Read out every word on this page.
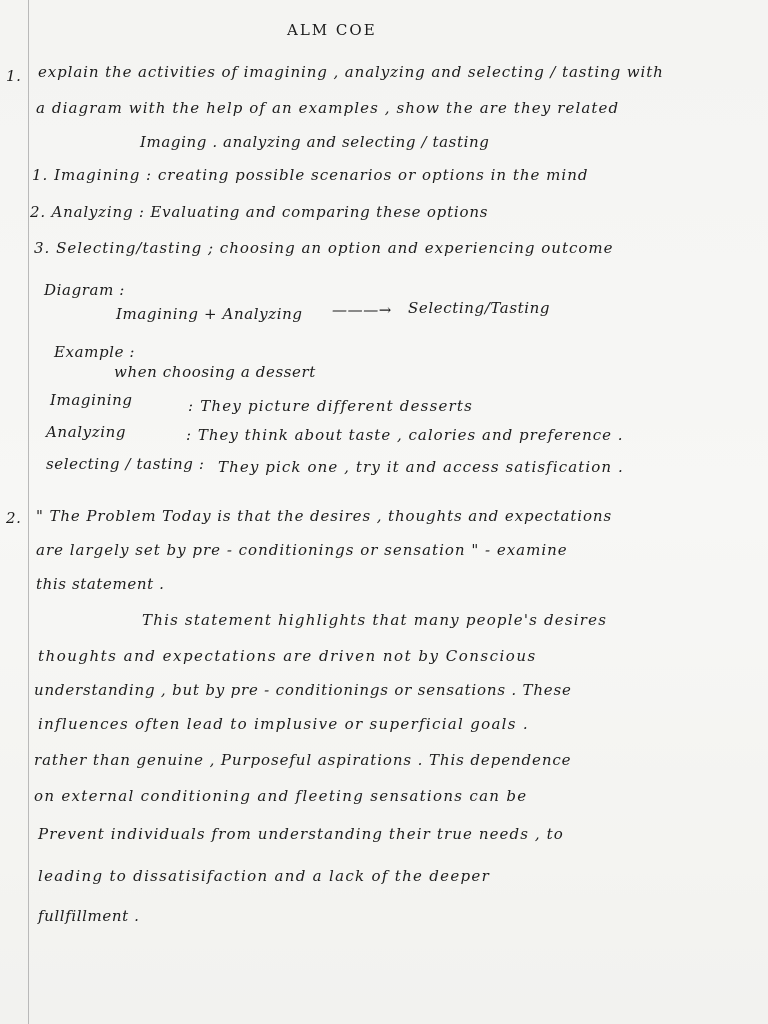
ALM COE
1. explain the activities of imagining , analyzing and selecting / tasting with
a diagram with the help of an examples , show the are they related
Imaging . analyzing and selecting / tasting
1. Imagining : creating possible scenarios or options in the mind
2. Analyzing : Evaluating and comparing these options
3. Selecting/tasting ; choosing an option and experiencing outcome
Diagram :
Imagining + Analyzing ———→ Selecting/Tasting
Example :
when choosing a dessert
Imagining	: They picture different desserts
Analyzing	: They think about taste , calories and preference .
selecting / tasting : They pick one , try it and access satisfication .
2. " The Problem Today is that the desires , thoughts and expectations
are largely set by pre - conditionings or sensation " - examine
this statement .
This statement highlights that many people's desires
thoughts and expectations are driven not by Conscious
understanding , but by pre - conditionings or sensations . These
influences often lead to implusive or superficial goals .
rather than genuine , Purposeful aspirations . This dependence
on external conditioning and fleeting sensations can be
Prevent individuals from understanding their true needs , to
leading to dissatisifaction and a lack of the deeper
fullfillment .
